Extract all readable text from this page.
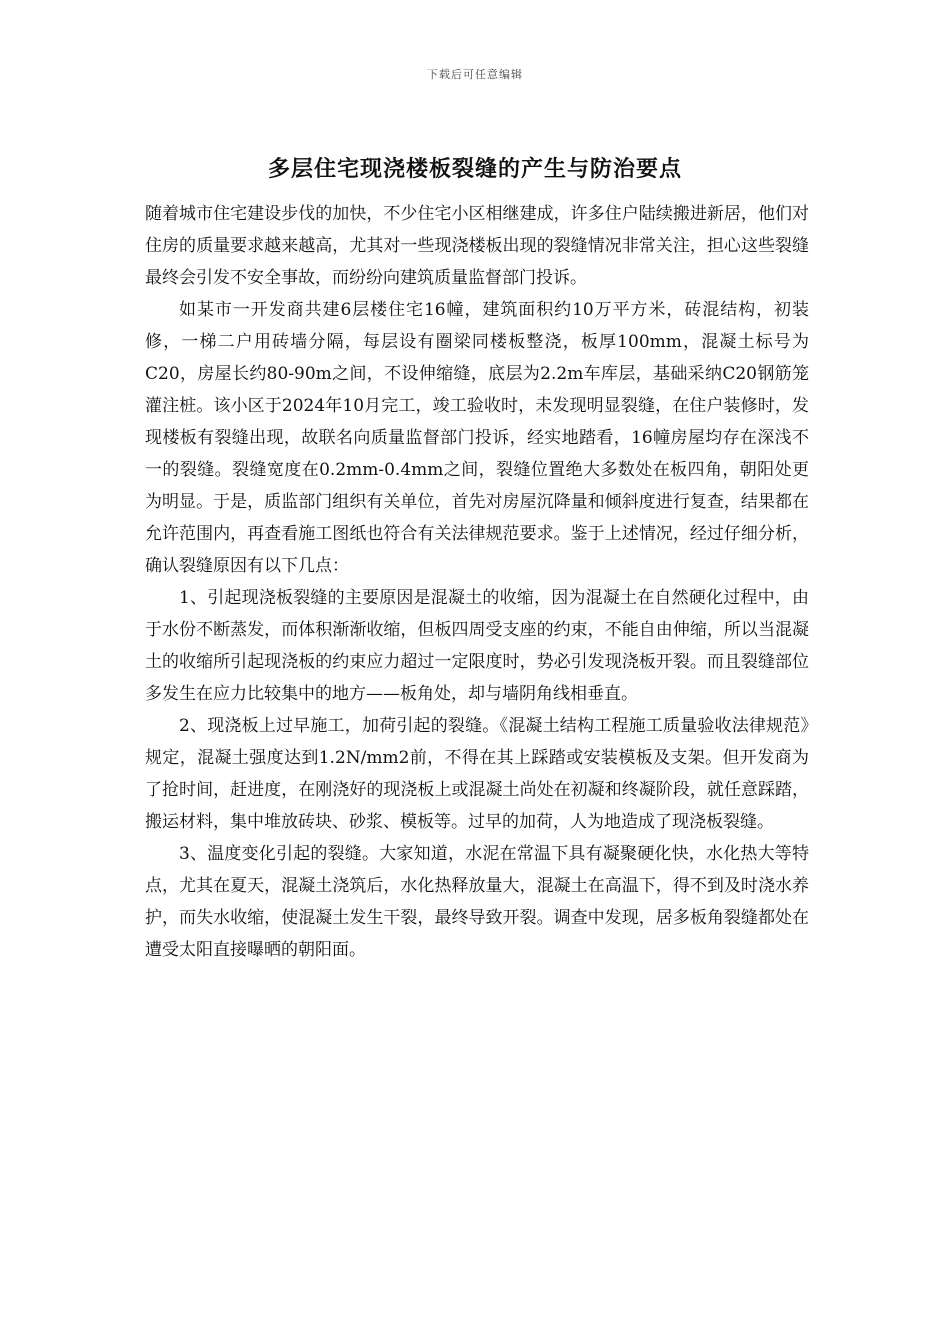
下载后可任意编辑
多层住宅现浇楼板裂缝的产生与防治要点

随着城市住宅建设步伐的加快，不少住宅小区相继建成，许多住户陆续搬进新居，他们对住房的质量要求越来越高，尤其对一些现浇楼板出现的裂缝情况非常关注，担心这些裂缝最终会引发不安全事故，而纷纷向建筑质量监督部门投诉。

如某市一开发商共建6层楼住宅16幢，建筑面积约10万平方米，砖混结构，初装修，一梯二户用砖墙分隔，每层设有圈梁同楼板整浇，板厚100mm，混凝土标号为C20，房屋长约80-90m之间，不设伸缩缝，底层为2.2m车库层，基础采纳C20钢筋笼灌注桩。该小区于2024年10月完工，竣工验收时，未发现明显裂缝，在住户装修时，发现楼板有裂缝出现，故联名向质量监督部门投诉，经实地踏看，16幢房屋均存在深浅不一的裂缝。裂缝宽度在0.2mm-0.4mm之间，裂缝位置绝大多数处在板四角，朝阳处更为明显。于是，质监部门组织有关单位，首先对房屋沉降量和倾斜度进行复查，结果都在允许范围内，再查看施工图纸也符合有关法律规范要求。鉴于上述情况，经过仔细分析，确认裂缝原因有以下几点：

1、引起现浇板裂缝的主要原因是混凝土的收缩，因为混凝土在自然硬化过程中，由于水份不断蒸发，而体积渐渐收缩，但板四周受支座的约束，不能自由伸缩，所以当混凝土的收缩所引起现浇板的约束应力超过一定限度时，势必引发现浇板开裂。而且裂缝部位多发生在应力比较集中的地方——板角处，却与墙阴角线相垂直。

2、现浇板上过早施工，加荷引起的裂缝。《混凝土结构工程施工质量验收法律规范》规定，混凝土强度达到1.2N/mm2前，不得在其上踩踏或安装模板及支架。但开发商为了抢时间，赶进度，在刚浇好的现浇板上或混凝土尚处在初凝和终凝阶段，就任意踩踏，搬运材料，集中堆放砖块、砂浆、模板等。过早的加荷，人为地造成了现浇板裂缝。

3、温度变化引起的裂缝。大家知道，水泥在常温下具有凝聚硬化快，水化热大等特点，尤其在夏天，混凝土浇筑后，水化热释放量大，混凝土在高温下，得不到及时浇水养护，而失水收缩，使混凝土发生干裂，最终导致开裂。调查中发现，居多板角裂缝都处在遭受太阳直接曝晒的朝阳面。
